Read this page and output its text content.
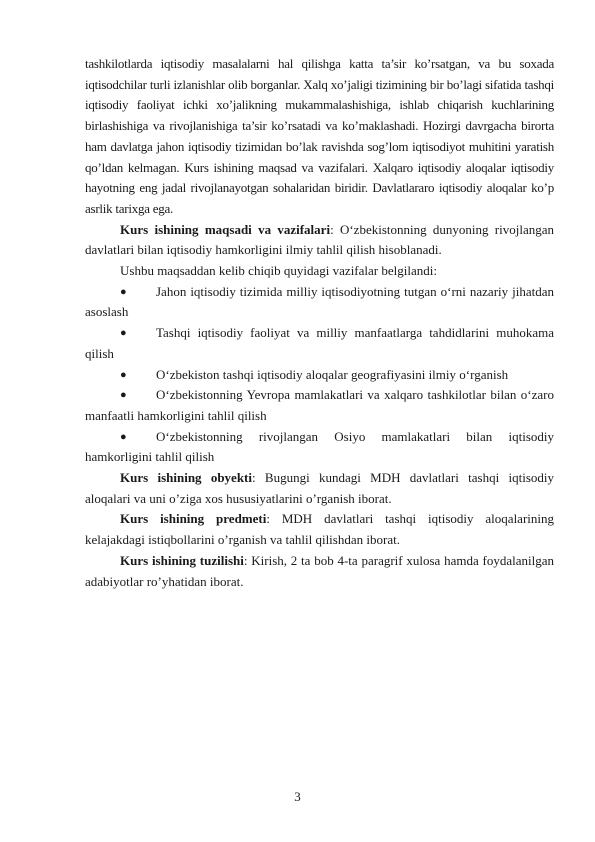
tashkilotlarda iqtisodiy masalalarni hal qilishga katta ta’sir ko’rsatgan, va bu soxada iqtisodchilar turli izlanishlar olib borganlar. Xalq xo’jaligi tizimining bir bo’lagi sifatida tashqi iqtisodiy faoliyat ichki xo’jalikning mukammalashishiga, ishlab chiqarish kuchlarining birlashishiga va rivojlanishiga ta’sir ko’rsatadi va ko’maklashadi. Hozirgi davrgacha birorta ham davlatga jahon iqtisodiy tizimidan bo’lak ravishda sog’lom iqtisodiyot muhitini yaratish qo’ldan kelmagan. Kurs ishining maqsad va vazifalari. Xalqaro iqtisodiy aloqalar iqtisodiy hayotning eng jadal rivojlanayotgan sohalaridan biridir. Davlatlararo iqtisodiy aloqalar ko’p asrlik tarixga ega.

Kurs ishining maqsadi va vazifalari: O‘zbekistonning dunyoning rivojlangan davlatlari bilan iqtisodiy hamkorligini ilmiy tahlil qilish hisoblanadi.

Ushbu maqsaddan kelib chiqib quyidagi vazifalar belgilandi:

● Jahon iqtisodiy tizimida milliy iqtisodiyotning tutgan o‘rni nazariy jihatdan asoslash

● Tashqi iqtisodiy faoliyat va milliy manfaatlarga tahdidlarini muhokama qilish

● O‘zbekiston tashqi iqtisodiy aloqalar geografiyasini ilmiy o‘rganish

● O‘zbekistonning Yevropa mamlakatlari va xalqaro tashkilotlar bilan o‘zaro manfaatli hamkorligini tahlil qilish

● O‘zbekistonning rivojlangan Osiyo mamlakatlari bilan iqtisodiy hamkorligini tahlil qilish

Kurs ishining obyekti: Bugungi kundagi MDH davlatlari tashqi iqtisodiy aloqalari va uni o’ziga xos hususiyatlarini o’rganish iborat.

Kurs ishining predmeti: MDH davlatlari tashqi iqtisodiy aloqalarining kelajakdagi istiqbollarini o’rganish va tahlil qilishdan iborat.

Kurs ishining tuzilishi: Kirish, 2 ta bob 4-ta paragrif xulosa hamda foydalanilgan adabiyotlar ro’yhatidan iborat.

3
